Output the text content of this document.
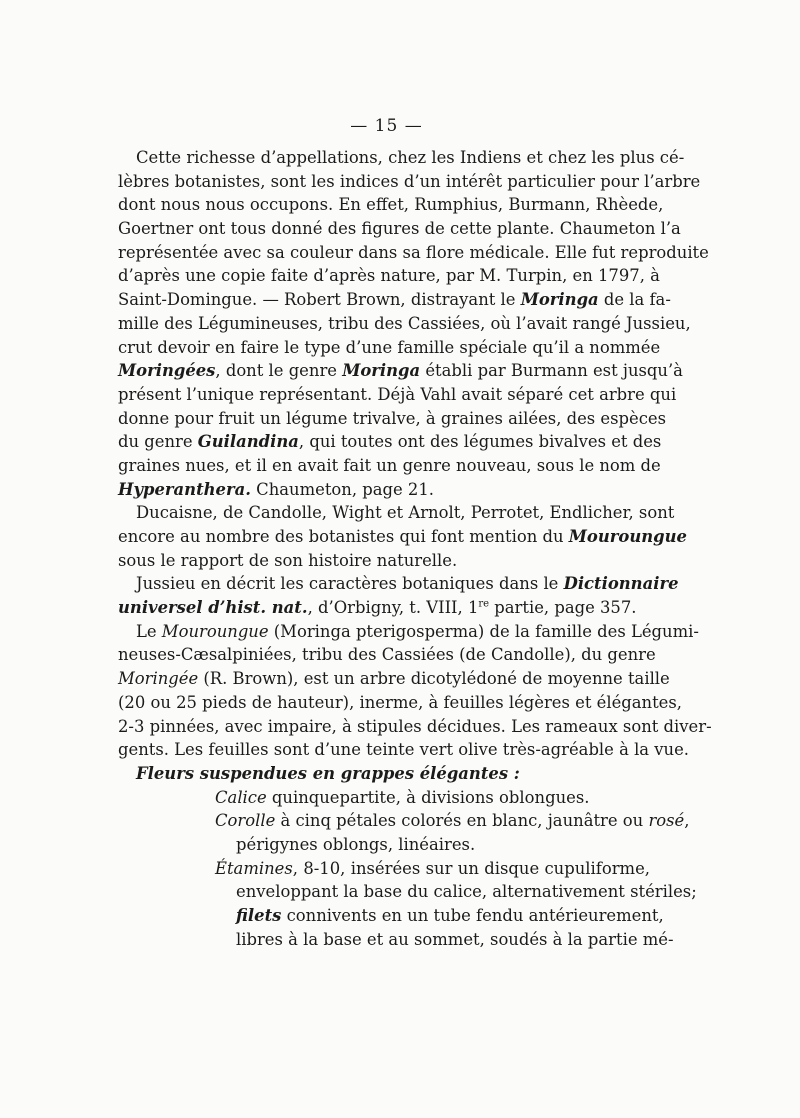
— 15 —
Cette richesse d’appellations, chez les Indiens et chez les plus cé-
lèbres botanistes, sont les indices d’un intérêt particulier pour l’arbre
dont nous nous occupons. En effet, Rumphius, Burmann, Rhèede,
Goertner ont tous donné des figures de cette plante. Chaumeton l’a
représentée avec sa couleur dans sa flore médicale. Elle fut reproduite
d’après une copie faite d’après nature, par M. Turpin, en 1797, à
Saint-Domingue. — Robert Brown, distrayant le Moringa de la fa-
mille des Légumineuses, tribu des Cassiées, où l’avait rangé Jussieu,
crut devoir en faire le type d’une famille spéciale qu’il a nommée
Moringées, dont le genre Moringa établi par Burmann est jusqu’à
présent l’unique représentant. Déjà Vahl avait séparé cet arbre qui
donne pour fruit un légume trivalve, à graines ailées, des espèces
du genre Guilandina, qui toutes ont des légumes bivalves et des
graines nues, et il en avait fait un genre nouveau, sous le nom de
Hyperanthera. Chaumeton, page 21.
Ducaisne, de Candolle, Wight et Arnolt, Perrotet, Endlicher, sont
encore au nombre des botanistes qui font mention du Mouroungue
sous le rapport de son histoire naturelle.
Jussieu en décrit les caractères botaniques dans le Dictionnaire
universel d’hist. nat., d’Orbigny, t. VIII, 1re partie, page 357.
Le Mouroungue (Moringa pterigosperma) de la famille des Légumi-
neuses-Cæsalpiniées, tribu des Cassiées (de Candolle), du genre
Moringée (R. Brown), est un arbre dicotylédoné de moyenne taille
(20 ou 25 pieds de hauteur), inerme, à feuilles légères et élégantes,
2-3 pinnées, avec impaire, à stipules décidues. Les rameaux sont diver-
gents. Les feuilles sont d’une teinte vert olive très-agréable à la vue.
Fleurs suspendues en grappes élégantes :
Calice quinquepartite, à divisions oblongues.
Corolle à cinq pétales colorés en blanc, jaunâtre ou rosé,
périgynes oblongs, linéaires.
Étamines, 8-10, insérées sur un disque cupuliforme,
enveloppant la base du calice, alternativement stériles;
filets connivents en un tube fendu antérieurement,
libres à la base et au sommet, soudés à la partie mé-
